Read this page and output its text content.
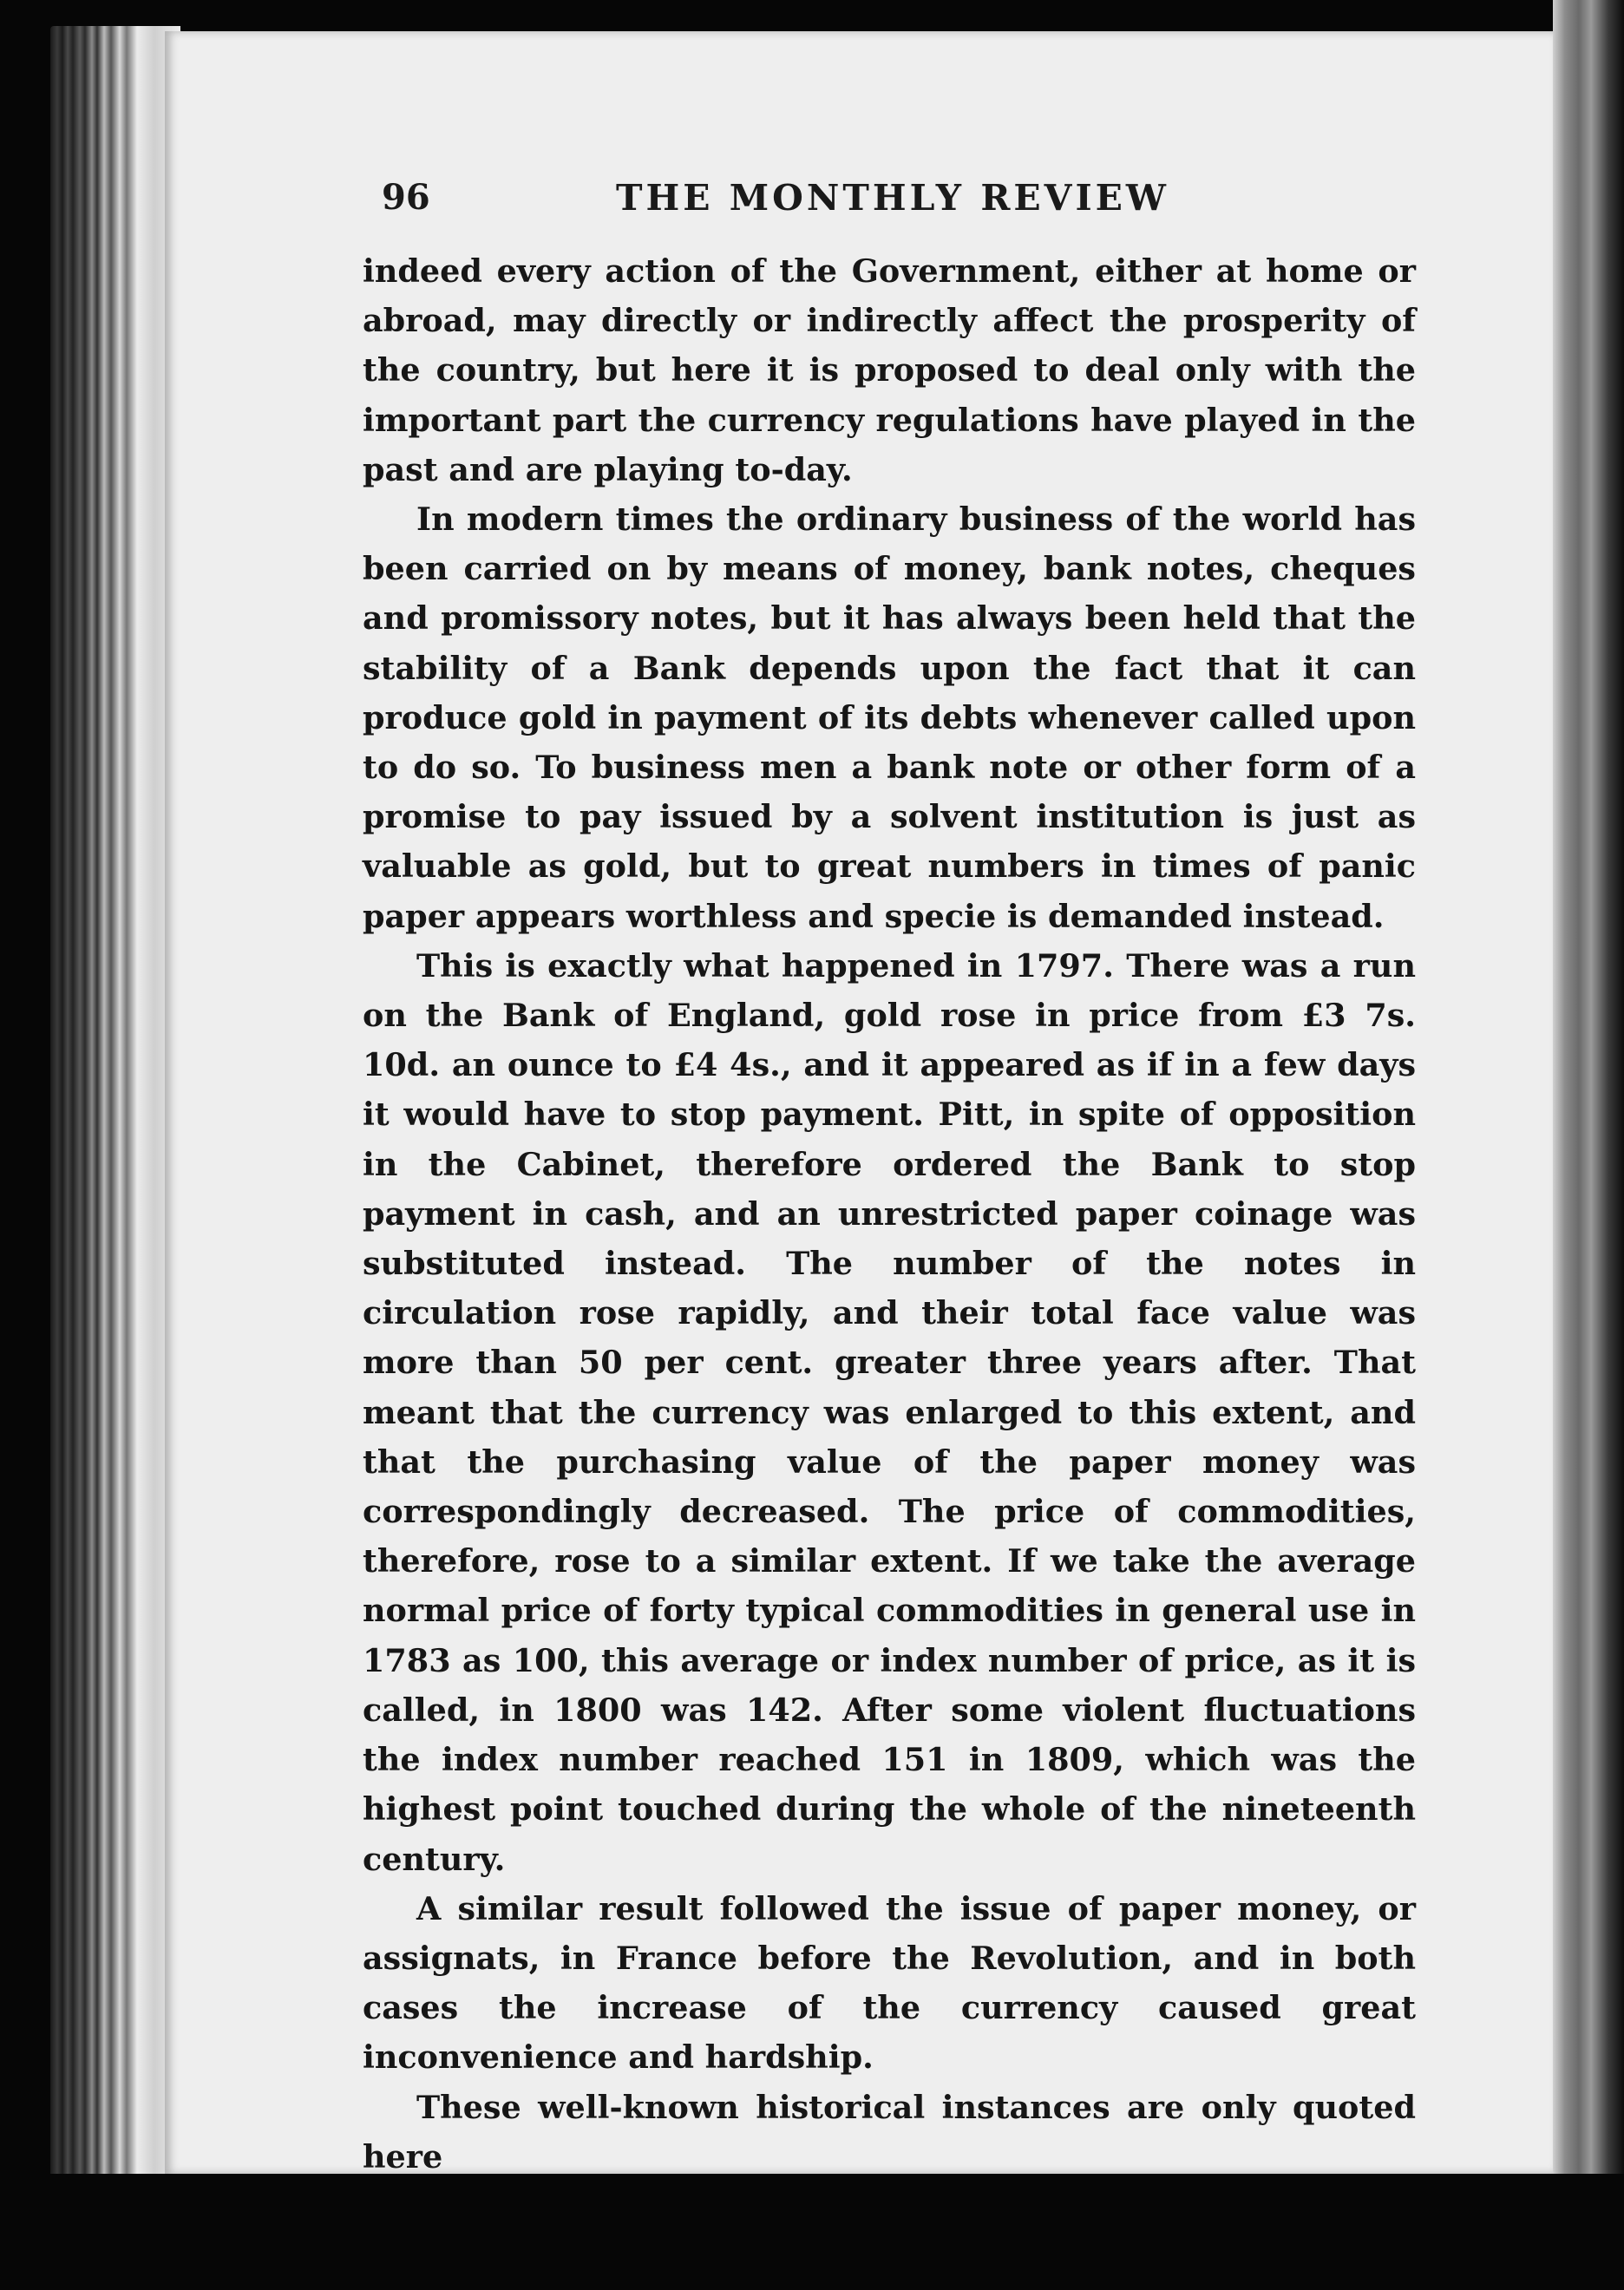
96	THE MONTHLY REVIEW

indeed every action of the Government, either at home or abroad, may directly or indirectly affect the prosperity of the country, but here it is proposed to deal only with the important part the currency regulations have played in the past and are playing to-day.

In modern times the ordinary business of the world has been carried on by means of money, bank notes, cheques and promissory notes, but it has always been held that the stability of a Bank depends upon the fact that it can produce gold in payment of its debts whenever called upon to do so. To business men a bank note or other form of a promise to pay issued by a solvent institution is just as valuable as gold, but to great numbers in times of panic paper appears worthless and specie is demanded instead.

This is exactly what happened in 1797. There was a run on the Bank of England, gold rose in price from £3 7s. 10d. an ounce to £4 4s., and it appeared as if in a few days it would have to stop payment. Pitt, in spite of opposition in the Cabinet, therefore ordered the Bank to stop payment in cash, and an unrestricted paper coinage was substituted instead. The number of the notes in circulation rose rapidly, and their total face value was more than 50 per cent. greater three years after. That meant that the currency was enlarged to this extent, and that the purchasing value of the paper money was correspondingly decreased. The price of commodities, therefore, rose to a similar extent. If we take the average normal price of forty typical commodities in general use in 1783 as 100, this average or index number of price, as it is called, in 1800 was 142. After some violent fluctuations the index number reached 151 in 1809, which was the highest point touched during the whole of the nineteenth century.

A similar result followed the issue of paper money, or assignats, in France before the Revolution, and in both cases the increase of the currency caused great inconvenience and hardship.

These well-known historical instances are only quoted here
